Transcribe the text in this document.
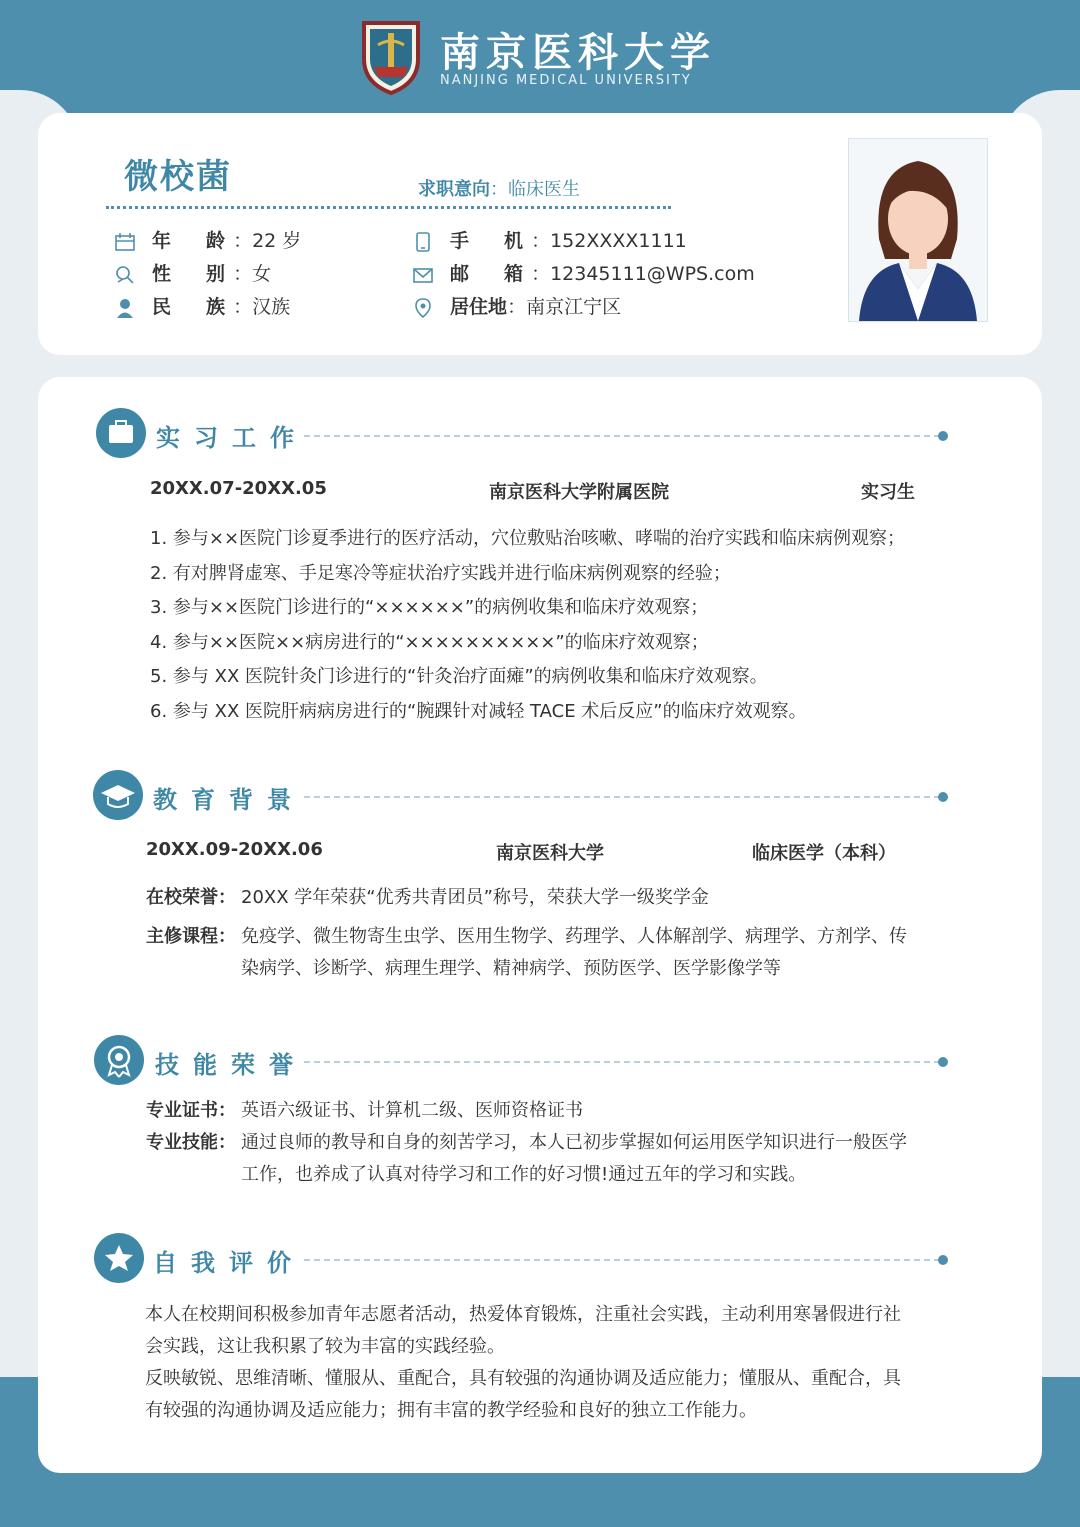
南京医科大学
NANJING MEDICAL UNIVERSITY
微校菌	求职意向：临床医生
年　龄：22 岁
性　别：女
民　族：汉族
手　机：152XXXX1111
邮　箱：12345111@WPS.com
居住地：南京江宁区
实习工作
20XX.07-20XX.05	南京医科大学附属医院	实习生
1. 参与××医院门诊夏季进行的医疗活动，穴位敷贴治咳嗽、哮喘的治疗实践和临床病例观察；
2. 有对脾肾虚寒、手足寒冷等症状治疗实践并进行临床病例观察的经验；
3. 参与××医院门诊进行的“××××××”的病例收集和临床疗效观察；
4. 参与××医院××病房进行的“××××××××××”的临床疗效观察；
5. 参与 XX 医院针灸门诊进行的“针灸治疗面瘫”的病例收集和临床疗效观察。
6. 参与 XX 医院肝病病房进行的“腕踝针对减轻 TACE 术后反应”的临床疗效观察。
教育背景
20XX.09-20XX.06	南京医科大学	临床医学（本科）
在校荣誉： 20XX 学年荣获“优秀共青团员”称号，荣获大学一级奖学金
主修课程： 免疫学、微生物寄生虫学、医用生物学、药理学、人体解剖学、病理学、方剂学、传
染病学、诊断学、病理生理学、精神病学、预防医学、医学影像学等
技能荣誉
专业证书： 英语六级证书、计算机二级、医师资格证书
专业技能： 通过良师的教导和自身的刻苦学习，本人已初步掌握如何运用医学知识进行一般医学
工作，也养成了认真对待学习和工作的好习惯!通过五年的学习和实践。
自我评价
本人在校期间积极参加青年志愿者活动，热爱体育锻炼，注重社会实践，主动利用寒暑假进行社
会实践，这让我积累了较为丰富的实践经验。
反映敏锐、思维清晰、懂服从、重配合，具有较强的沟通协调及适应能力；懂服从、重配合，具
有较强的沟通协调及适应能力；拥有丰富的教学经验和良好的独立工作能力。
